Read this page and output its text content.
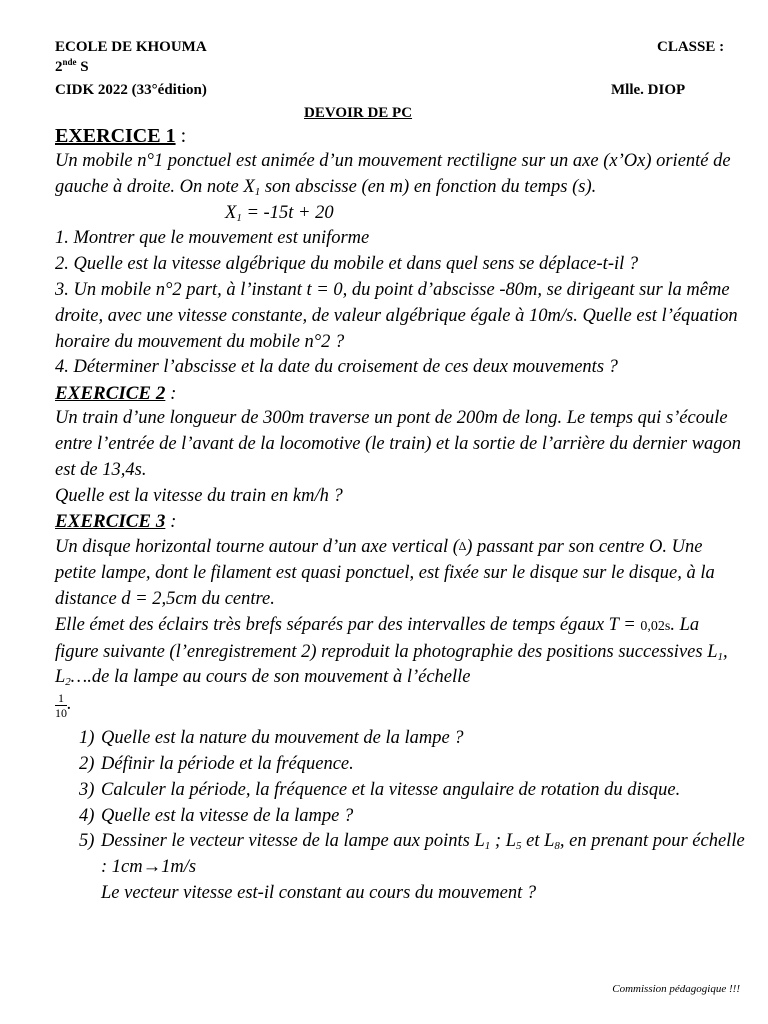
ECOLE DE KHOUMA	CLASSE :
2nde S
CIDK 2022 (33°édition)	Mlle. DIOP
DEVOIR DE PC

EXERCICE 1 :

Un mobile n°1 ponctuel est animée d’un mouvement rectiligne sur un axe (x’Ox) orienté de gauche à droite. On note $X_1$ son abscisse (en m) en fonction du temps (s).

$X_1 = -15t + 20$

1. Montrer que le mouvement est uniforme

2. Quelle est la vitesse algébrique du mobile et dans quel sens se déplace-t-il ?

3. Un mobile n°2 part, à l’instant t = 0, du point d’abscisse -80m, se dirigeant sur la même droite, avec une vitesse constante, de valeur algébrique égale à 10m/s. Quelle est l’équation horaire du mouvement du mobile n°2 ?

4. Déterminer l’abscisse et la date du croisement de ces deux mouvements ?

EXERCICE 2 :

Un train d’une longueur de 300m traverse un pont de 200m de long. Le temps qui s’écoule entre l’entrée de l’avant de la locomotive (le train) et la sortie de l’arrière du dernier wagon est de 13,4s.

Quelle est la vitesse du train en km/h ?

EXERCICE 3 :

Un disque horizontal tourne autour d’un axe vertical (∆) passant par son centre O. Une petite lampe, dont le filament est quasi ponctuel, est fixée sur le disque sur le disque, à la distance d = 2,5cm du centre.

Elle émet des éclairs très brefs séparés par des intervalles de temps égaux T = 0,02s. La figure suivante (l’enregistrement 2) reproduit la photographie des positions successives $L_1$, $L_2\dots.de$ la lampe au cours de son mouvement à l’échelle

$\frac{1}{10}$ .

1) Quelle est la nature du mouvement de la lampe ?
2) Définir la période et la fréquence.
3) Calculer la période, la fréquence et la vitesse angulaire de rotation du disque.
4) Quelle est la vitesse de la lampe ?
5) Dessiner le vecteur vitesse de la lampe aux points $L_1$ ; $L_5$ et $L_8$, en prenant pour échelle : 1cm→1m/s

Le vecteur vitesse est-il constant au cours du mouvement ?

Commission pédagogique !!!
